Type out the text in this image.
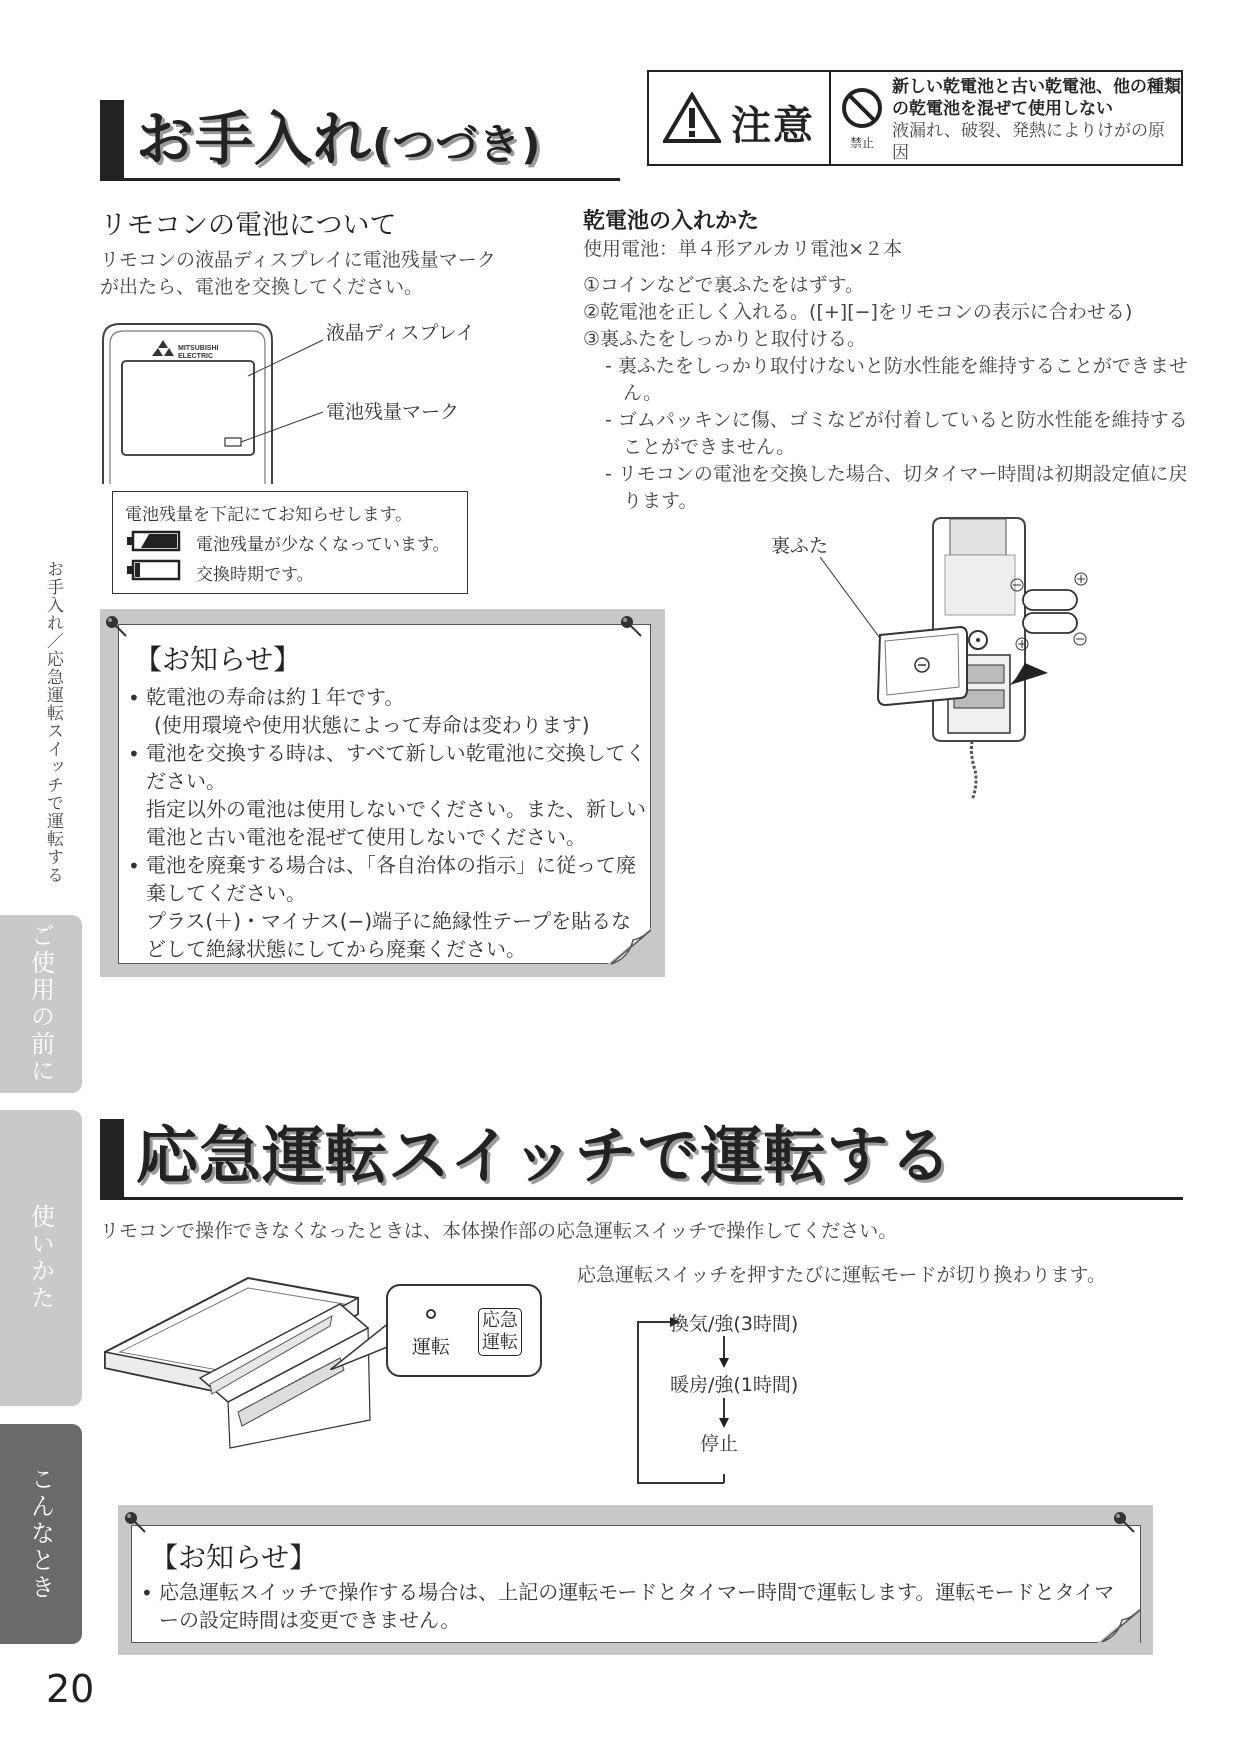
お手入れ(つづき)	注意	禁止
新しい乾電池と古い乾電池、他の種類の乾電池を混ぜて使用しない
液漏れ、破裂、発熱によりけがの原因
リモコンの電池について
リモコンの液晶ディスプレイに電池残量マークが出たら、電池を交換してください。
MITSUBISHI
ELECTRIC
液晶ディスプレイ
電池残量マーク
電池残量を下記にてお知らせします。
電池残量が少なくなっています。
交換時期です。
乾電池の入れかた
使用電池：単４形アルカリ電池×２本
①コインなどで裏ふたをはずす。
②乾電池を正しく入れる。([+][−]をリモコンの表示に合わせる)
③裏ふたをしっかりと取付ける。
- 裏ふたをしっかり取付けないと防水性能を維持することができません。
- ゴムパッキンに傷、ゴミなどが付着していると防水性能を維持することができません。
- リモコンの電池を交換した場合、切タイマー時間は初期設定値に戻ります。
裏ふた
【お知らせ】
• 乾電池の寿命は約１年です。
(使用環境や使用状態によって寿命は変わります)
• 電池を交換する時は、すべて新しい乾電池に交換してください。
指定以外の電池は使用しないでください。また、新しい電池と古い電池を混ぜて使用しないでください。
• 電池を廃棄する場合は、「各自治体の指示」に従って廃棄してください。
プラス(＋)・マイナス(−)端子に絶縁性テープを貼るなどして絶縁状態にしてから廃棄ください。
応急運転スイッチで運転する
リモコンで操作できなくなったときは、本体操作部の応急運転スイッチで操作してください。
運転
応急運転
応急運転スイッチを押すたびに運転モードが切り換わります。
換気/強(3時間)
暖房/強(1時間)
停止
【お知らせ】
• 応急運転スイッチで操作する場合は、上記の運転モードとタイマー時間で運転します。運転モードとタイマーの設定時間は変更できません。
お手入れ／応急運転スイッチで運転する
ご使用の前に
使いかた
こんなとき
20
